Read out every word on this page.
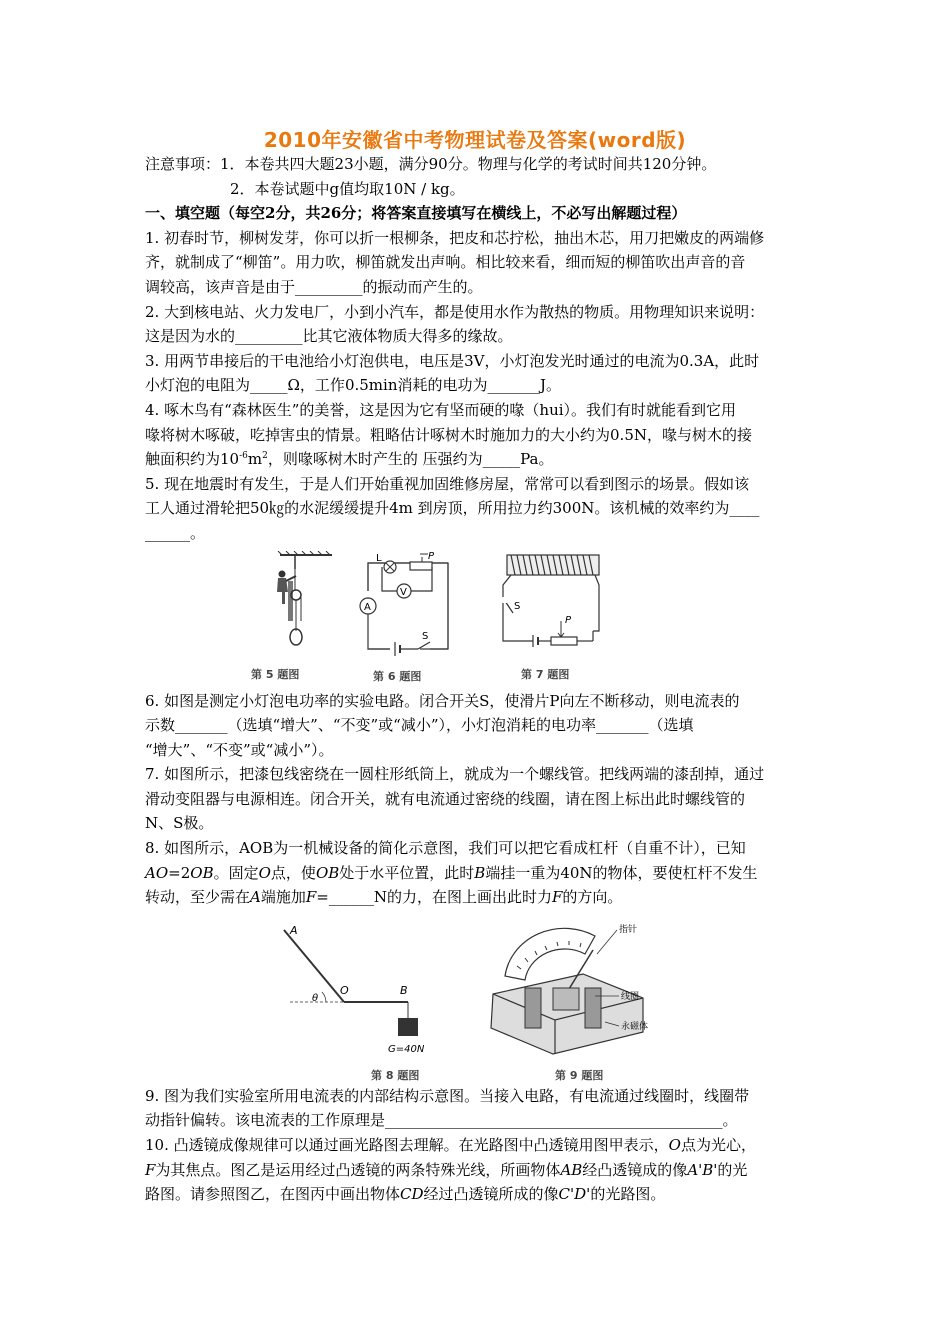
2010年安徽省中考物理试卷及答案(word版)
注意事项：1．本卷共四大题23小题，满分90分。物理与化学的考试时间共120分钟。
2．本卷试题中g值均取10N / kg。
一、填空题（每空2分，共26分；将答案直接填写在横线上，不必写出解题过程）
1. 初春时节，柳树发芽，你可以折一根柳条，把皮和芯拧松，抽出木芯，用刀把嫩皮的两端修
齐，就制成了“柳笛”。用力吹，柳笛就发出声响。相比较来看，细而短的柳笛吹出声音的音
调较高，该声音是由于_________的振动而产生的。
2. 大到核电站、火力发电厂，小到小汽车，都是使用水作为散热的物质。用物理知识来说明：
这是因为水的_________比其它液体物质大得多的缘故。
3. 用两节串接后的干电池给小灯泡供电，电压是3V，小灯泡发光时通过的电流为0.3A，此时
小灯泡的电阻为_____Ω，工作0.5min消耗的电功为_______J。
4. 啄木鸟有“森林医生”的美誉，这是因为它有坚而硬的喙（hui）。我们有时就能看到它用
喙将树木啄破，吃掉害虫的情景。粗略估计啄树木时施加力的大小约为0.5N，喙与树木的接
触面积约为$10^{-6}m^2$，则喙啄树木时产生的 压强约为_____Pa。
5. 现在地震时有发生，于是人们开始重视加固维修房屋，常常可以看到图示的场景。假如该
工人通过滑轮把50㎏的水泥缓缓提升4m 到房顶，所用拉力约300N。该机械的效率约为____
______。
第 5 题图
A
L	P
V
S
第 6 题图
S
P
第 7 题图
6. 如图是测定小灯泡电功率的实验电路。闭合开关S，使滑片P向左不断移动，则电流表的
示数_______（选填“增大”、“不变”或“减小”），小灯泡消耗的电功率_______（选填
“增大”、“不变”或“减小”）。
7. 如图所示，把漆包线密绕在一圆柱形纸筒上，就成为一个螺线管。把线两端的漆刮掉，通过
滑动变阻器与电源相连。闭合开关，就有电流通过密绕的线圈，请在图上标出此时螺线管的
N、S极。
8. 如图所示，AOB为一机械设备的简化示意图，我们可以把它看成杠杆（自重不计），已知
AO=2OB。固定O点，使OB处于水平位置，此时B端挂一重为40N的物体，要使杠杆不发生
转动，至少需在A端施加F=______N的力，在图上画出此时力F的方向。
A
O	B
θ
G=40N
第 8 题图
指针
线圈
永磁体
第 9 题图
9. 图为我们实验室所用电流表的内部结构示意图。当接入电路，有电流通过线圈时，线圈带
动指针偏转。该电流表的工作原理是_____________________________________________。
10. 凸透镜成像规律可以通过画光路图去理解。在光路图中凸透镜用图甲表示，O点为光心，
F为其焦点。图乙是运用经过凸透镜的两条特殊光线，所画物体AB经凸透镜成的像A'B'的光
路图。请参照图乙，在图丙中画出物体CD经过凸透镜所成的像C'D'的光路图。
